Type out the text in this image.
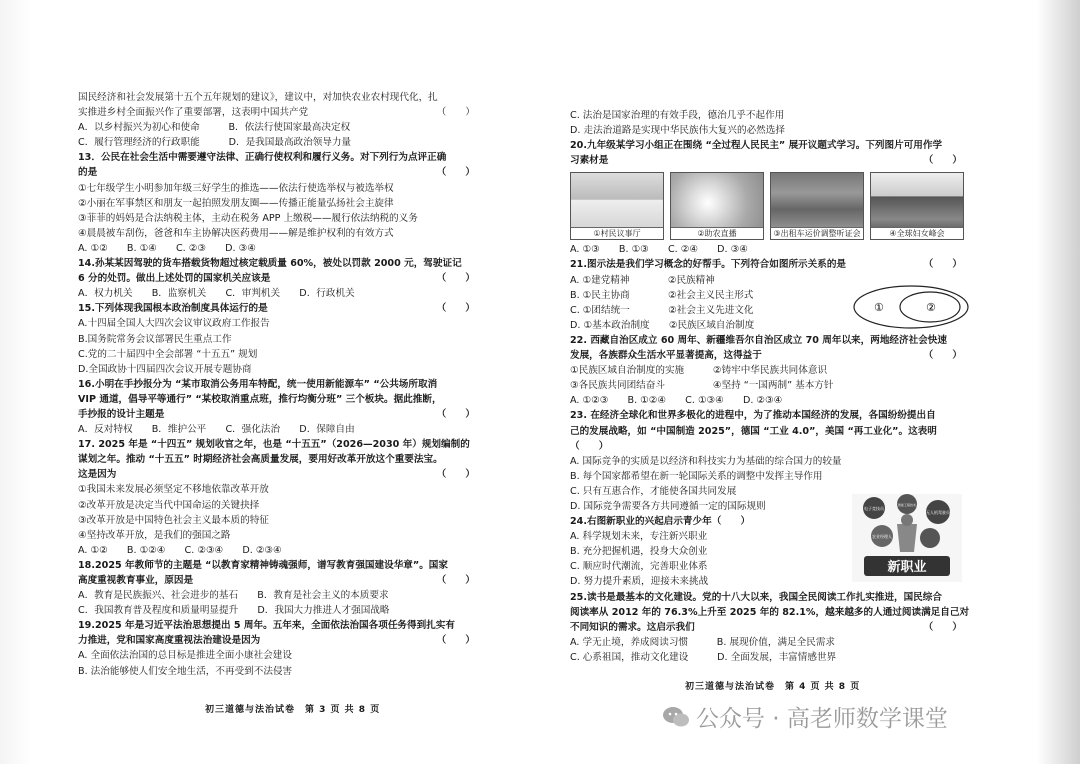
国民经济和社会发展第十五个五年规划的建议》，建议中，对加快农业农村现代化，扎
实推进乡村全面振兴作了重要部署，这表明中国共产党	（　　）
A．以乡村振兴为初心和使命　　　B．依法行使国家最高决定权
C．履行管理经济的行政职能　　　D．是我国最高政治领导力量
13．公民在社会生活中需要遵守法律、正确行使权利和履行义务。对下列行为点评正确
的是	（　　）
①七年级学生小明参加年级三好学生的推选——依法行使选举权与被选举权
②小丽在军事禁区和朋友一起拍照发朋友圈——传播正能量弘扬社会主旋律
③菲菲的妈妈是合法纳税主体，主动在税务 APP 上缴税——履行依法纳税的义务
④晨晨被车刮伤，爸爸和车主协解决医药费用——解是维护权利的有效方式
A. ①②　　B. ①④　　C. ②③　　D. ③④
14.孙某某因驾驶的货车搭载货物超过核定载质量 60%，被处以罚款 2000 元，驾驶证记
6 分的处罚。做出上述处罚的国家机关应该是	（　　）
A．权力机关　　B．监察机关　　C．审判机关　　D．行政机关
15.下列体现我国根本政治制度具体运行的是	（　　）
A.十四届全国人大四次会议审议政府工作报告
B.国务院常务会议部署民生重点工作
C.党的二十届四中全会部署 “十五五” 规划
D.全国政协十四届四次会议开展专题协商
16.小明在手抄报分为 “某市取消公务用车特配，统一使用新能源车” “公共场所取消
VIP 通道，倡导平等通行” “某校取消重点班，推行均衡分班” 三个板块。据此推断，
手抄报的设计主题是	（　　）
A．反对特权　　B．维护公平　　C．强化法治　　D．保障自由
17. 2025 年是 “十四五” 规划收官之年，也是 “十五五”（2026—2030 年）规划编制的
谋划之年。推动 “十五五” 时期经济社会高质量发展，要用好改革开放这个重要法宝。
这是因为	（　　）
①我国未来发展必须坚定不移地依靠改革开放
②改革开放是决定当代中国命运的关键抉择
③改革开放是中国特色社会主义最本质的特征
④坚持改革开放，是我们的强国之路
A. ①②　　B. ①②④　　C. ②③④　　D. ②③④
18.2025 年教师节的主题是 “以教育家精神铸魂强师，谱写教育强国建设华章”。国家
高度重视教育事业，原因是	（　　）
A．教育是民族振兴、社会进步的基石　　B．教育是社会主义的本质要求
C．我国教育普及程度和质量明显提升　　D．我国大力推进人才强国战略
19.2025 年是习近平法治思想提出 5 周年。五年来，全面依法治国各项任务得到扎实有
力推进，党和国家高度重视法治建设是因为	（　　）
A. 全面依法治国的总目标是推进全面小康社会建设
B. 法治能够使人们安全地生活，不再受到不法侵害
C. 法治是国家治理的有效手段，德治几乎不起作用
D. 走法治道路是实现中华民族伟大复兴的必然选择
20.九年级某学习小组正在围绕 “全过程人民民主” 展开议题式学习。下列图片可用作学
习素材是	（　　）
①村民议事厅	②助农直播	③出租车运价调整听证会	④全球妇女峰会
A. ①③　　B. ①③　　C. ②④　　D. ③④
21.图示法是我们学习概念的好帮手。下列符合如图所示关系的是	（　　）
A. ①建党精神　　　　②民族精神
B. ①民主协商　　　　②社会主义民主形式
C. ①团结统一　　　　②社会主义先进文化
D. ①基本政治制度　　②民族区域自治制度
22. 西藏自治区成立 60 周年、新疆维吾尔自治区成立 70 周年以来，两地经济社会快速
发展，各族群众生活水平显著提高，这得益于	（　　）
①民族区域自治制度的实施　　　②铸牢中华民族共同体意识
③各民族共同团结奋斗　　　　　④坚持 “一国两制” 基本方针
A. ①②③　　B. ①②④　　C. ①③④　　D. ②③④
23. 在经济全球化和世界多极化的进程中，为了推动本国经济的发展，各国纷纷提出自
己的发展战略，如 “中国制造 2025”，德国 “工业 4.0”，美国 “再工业化”。这表明
（　　）
A. 国际竞争的实质是以经济和科技实力为基础的综合国力的较量
B. 每个国家都希望在新一轮国际关系的调整中发挥主导作用
C. 只有互惠合作，才能使各国共同发展
D. 国际竞争需要各方共同遵循一定的国际规则
24.右图新职业的兴起启示青少年（　　）
A. 科学规划未来，专注新兴职业
B. 充分把握机遇，投身大众创业
C. 顺应时代潮流，完善职业体系
D. 努力提升素质，迎接未来挑战
25.读书是最基本的文化建设。党的十八大以来，我国全民阅读工作扎实推进，国民综合
阅读率从 2012 年的 76.3%上升至 2025 年的 82.1%，越来越多的人通过阅读满足自己对
不同知识的需求。这启示我们	（　　）
A. 学无止境，养成阅读习惯　　　B. 展现价值，满足全民需求
C. 心系祖国，推动文化建设　　　D. 全面发展，丰富情感世界
①	②
电子竞技员
人工智能工程技术人员
无人机驾驶员
农业经理人
新职业
初三道德与法治试卷　第 3 页 共 8 页
初三道德与法治试卷　第 4 页 共 8 页
公众号 · 高老师数学课堂
